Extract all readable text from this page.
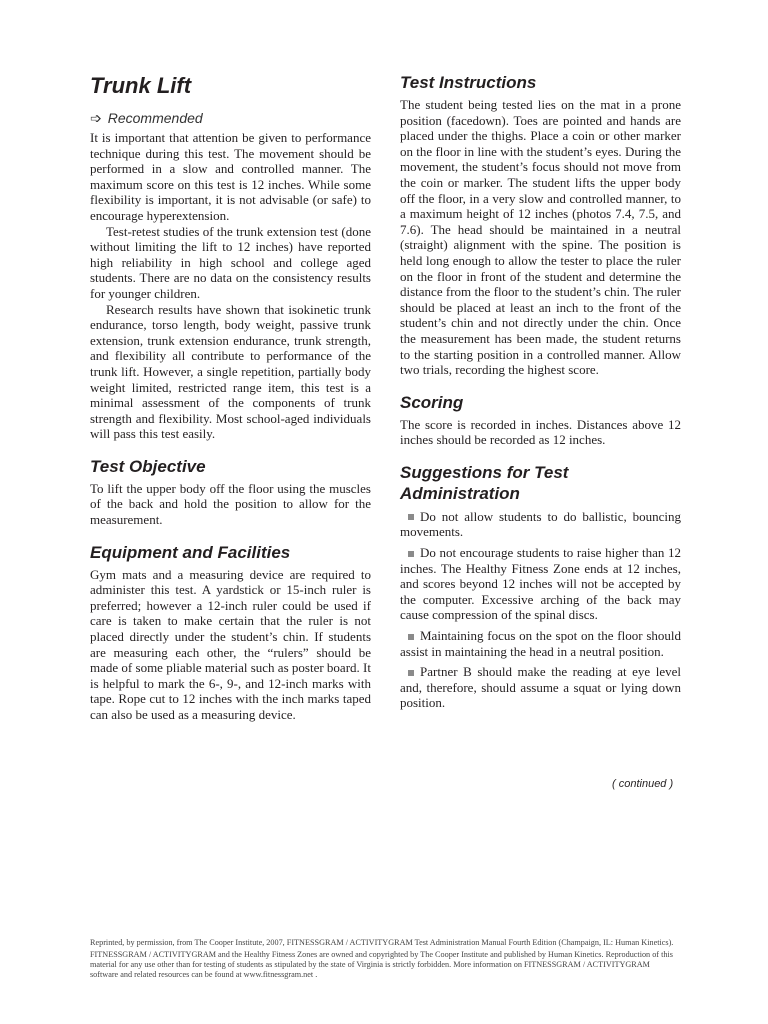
Trunk Lift
➩ Recommended

It is important that attention be given to performance technique during this test. The movement should be performed in a slow and controlled manner. The maximum score on this test is 12 inches. While some flexibility is important, it is not advisable (or safe) to encourage hyperextension.

Test-retest studies of the trunk extension test (done without limiting the lift to 12 inches) have reported high reliability in high school and college aged students. There are no data on the consistency results for younger children.

Research results have shown that isokinetic trunk endurance, torso length, body weight, passive trunk extension, trunk extension endurance, trunk strength, and flexibility all contribute to performance of the trunk lift. However, a single repetition, partially body weight limited, restricted range item, this test is a minimal assessment of the components of trunk strength and flexibility. Most school-aged individuals will pass this test easily.

Test Objective

To lift the upper body off the floor using the muscles of the back and hold the position to allow for the measurement.

Equipment and Facilities

Gym mats and a measuring device are required to administer this test. A yardstick or 15-inch ruler is preferred; however a 12-inch ruler could be used if care is taken to make certain that the ruler is not placed directly under the student’s chin. If students are measuring each other, the “rulers” should be made of some pliable material such as poster board. It is helpful to mark the 6-, 9-, and 12-inch marks with tape. Rope cut to 12 inches with the inch marks taped can also be used as a measuring device.

Test Instructions

The student being tested lies on the mat in a prone position (facedown). Toes are pointed and hands are placed under the thighs. Place a coin or other marker on the floor in line with the student’s eyes. During the movement, the student’s focus should not move from the coin or marker. The student lifts the upper body off the floor, in a very slow and controlled manner, to a maximum height of 12 inches (photos 7.4, 7.5, and 7.6). The head should be maintained in a neutral (straight) alignment with the spine. The position is held long enough to allow the tester to place the ruler on the floor in front of the student and determine the distance from the floor to the student’s chin. The ruler should be placed at least an inch to the front of the student’s chin and not directly under the chin. Once the measurement has been made, the student returns to the starting position in a controlled manner. Allow two trials, recording the highest score.

Scoring

The score is recorded in inches. Distances above 12 inches should be recorded as 12 inches.

Suggestions for Test Administration

Do not allow students to do ballistic, bouncing movements.

Do not encourage students to raise higher than 12 inches. The Healthy Fitness Zone ends at 12 inches, and scores beyond 12 inches will not be accepted by the computer. Excessive arching of the back may cause compression of the spinal discs.

Maintaining focus on the spot on the floor should assist in maintaining the head in a neutral position.

Partner B should make the reading at eye level and, therefore, should assume a squat or lying down position.

( continued )

Reprinted, by permission, from The Cooper Institute, 2007, FITNESSGRAM / ACTIVITYGRAM Test Administration Manual Fourth Edition (Champaign, IL: Human Kinetics).

FITNESSGRAM / ACTIVITYGRAM and the Healthy Fitness Zones are owned and copyrighted by The Cooper Institute and published by Human Kinetics. Reproduction of this material for any use other than for testing of students as stipulated by the state of Virginia is strictly forbidden. More information on FITNESSGRAM / ACTIVITYGRAM software and related resources can be found at www.fitnessgram.net .
